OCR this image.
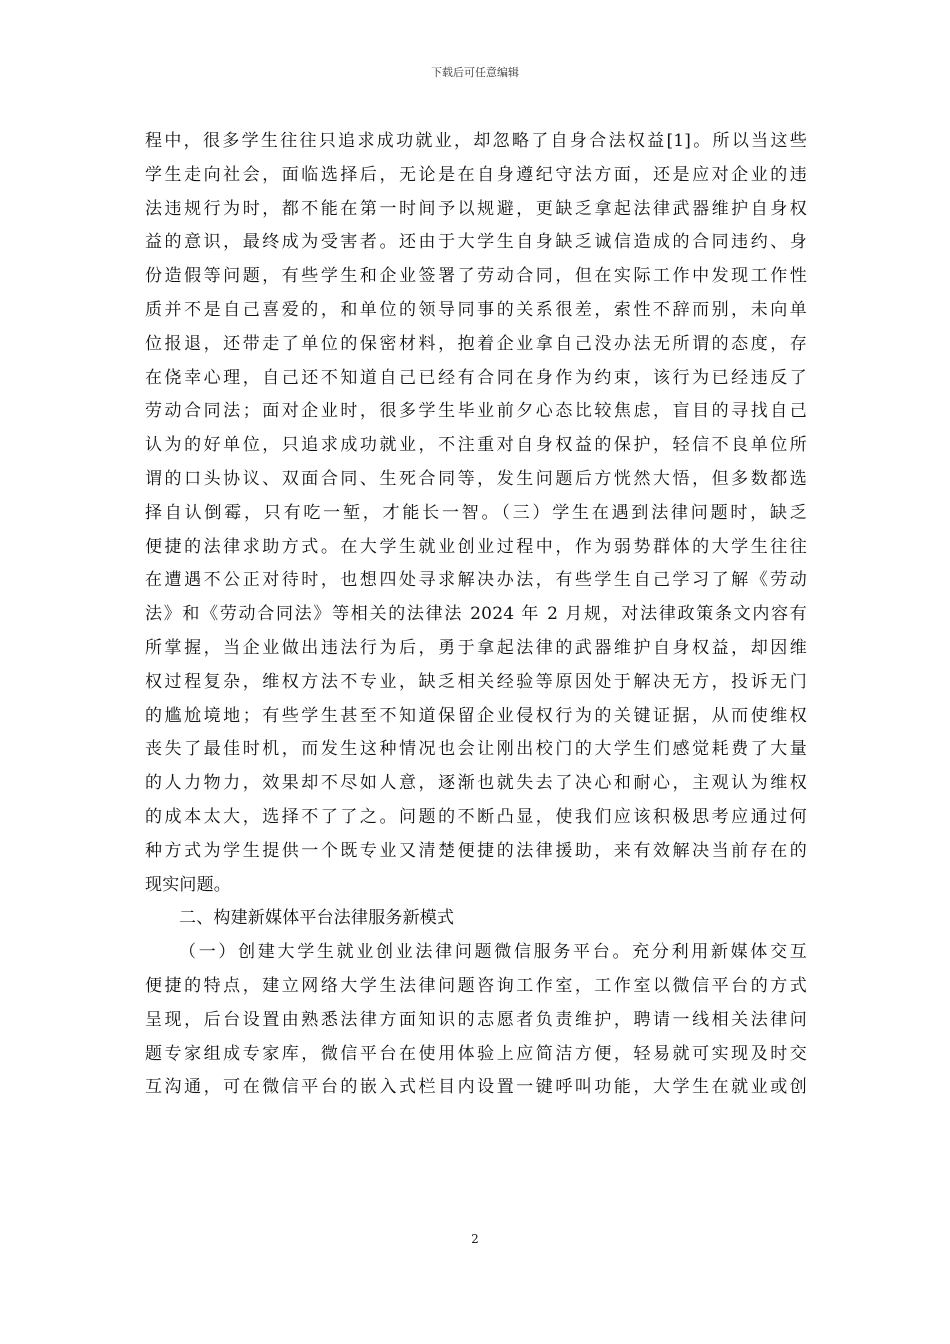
下载后可任意编辑
程中，很多学生往往只追求成功就业，却忽略了自身合法权益[1]。所以当这些
学生走向社会，面临选择后，无论是在自身遵纪守法方面，还是应对企业的违
法违规行为时，都不能在第一时间予以规避，更缺乏拿起法律武器维护自身权
益的意识，最终成为受害者。还由于大学生自身缺乏诚信造成的合同违约、身
份造假等问题，有些学生和企业签署了劳动合同，但在实际工作中发现工作性
质并不是自己喜爱的，和单位的领导同事的关系很差，索性不辞而别，未向单
位报退，还带走了单位的保密材料，抱着企业拿自己没办法无所谓的态度，存
在侥幸心理，自己还不知道自己已经有合同在身作为约束，该行为已经违反了
劳动合同法；面对企业时，很多学生毕业前夕心态比较焦虑，盲目的寻找自己
认为的好单位，只追求成功就业，不注重对自身权益的保护，轻信不良单位所
谓的口头协议、双面合同、生死合同等，发生问题后方恍然大悟，但多数都选
择自认倒霉，只有吃一堑，才能长一智。（三）学生在遇到法律问题时，缺乏
便捷的法律求助方式。在大学生就业创业过程中，作为弱势群体的大学生往往
在遭遇不公正对待时，也想四处寻求解决办法，有些学生自己学习了解《劳动
法》和《劳动合同法》等相关的法律法 2024 年 2 月规，对法律政策条文内容有
所掌握，当企业做出违法行为后，勇于拿起法律的武器维护自身权益，却因维
权过程复杂，维权方法不专业，缺乏相关经验等原因处于解决无方，投诉无门
的尴尬境地；有些学生甚至不知道保留企业侵权行为的关键证据，从而使维权
丧失了最佳时机，而发生这种情况也会让刚出校门的大学生们感觉耗费了大量
的人力物力，效果却不尽如人意，逐渐也就失去了决心和耐心，主观认为维权
的成本太大，选择不了了之。问题的不断凸显，使我们应该积极思考应通过何
种方式为学生提供一个既专业又清楚便捷的法律援助，来有效解决当前存在的
现实问题。
二、构建新媒体平台法律服务新模式
（一）创建大学生就业创业法律问题微信服务平台。充分利用新媒体交互
便捷的特点，建立网络大学生法律问题咨询工作室，工作室以微信平台的方式
呈现，后台设置由熟悉法律方面知识的志愿者负责维护，聘请一线相关法律问
题专家组成专家库，微信平台在使用体验上应简洁方便，轻易就可实现及时交
互沟通，可在微信平台的嵌入式栏目内设置一键呼叫功能，大学生在就业或创
2
